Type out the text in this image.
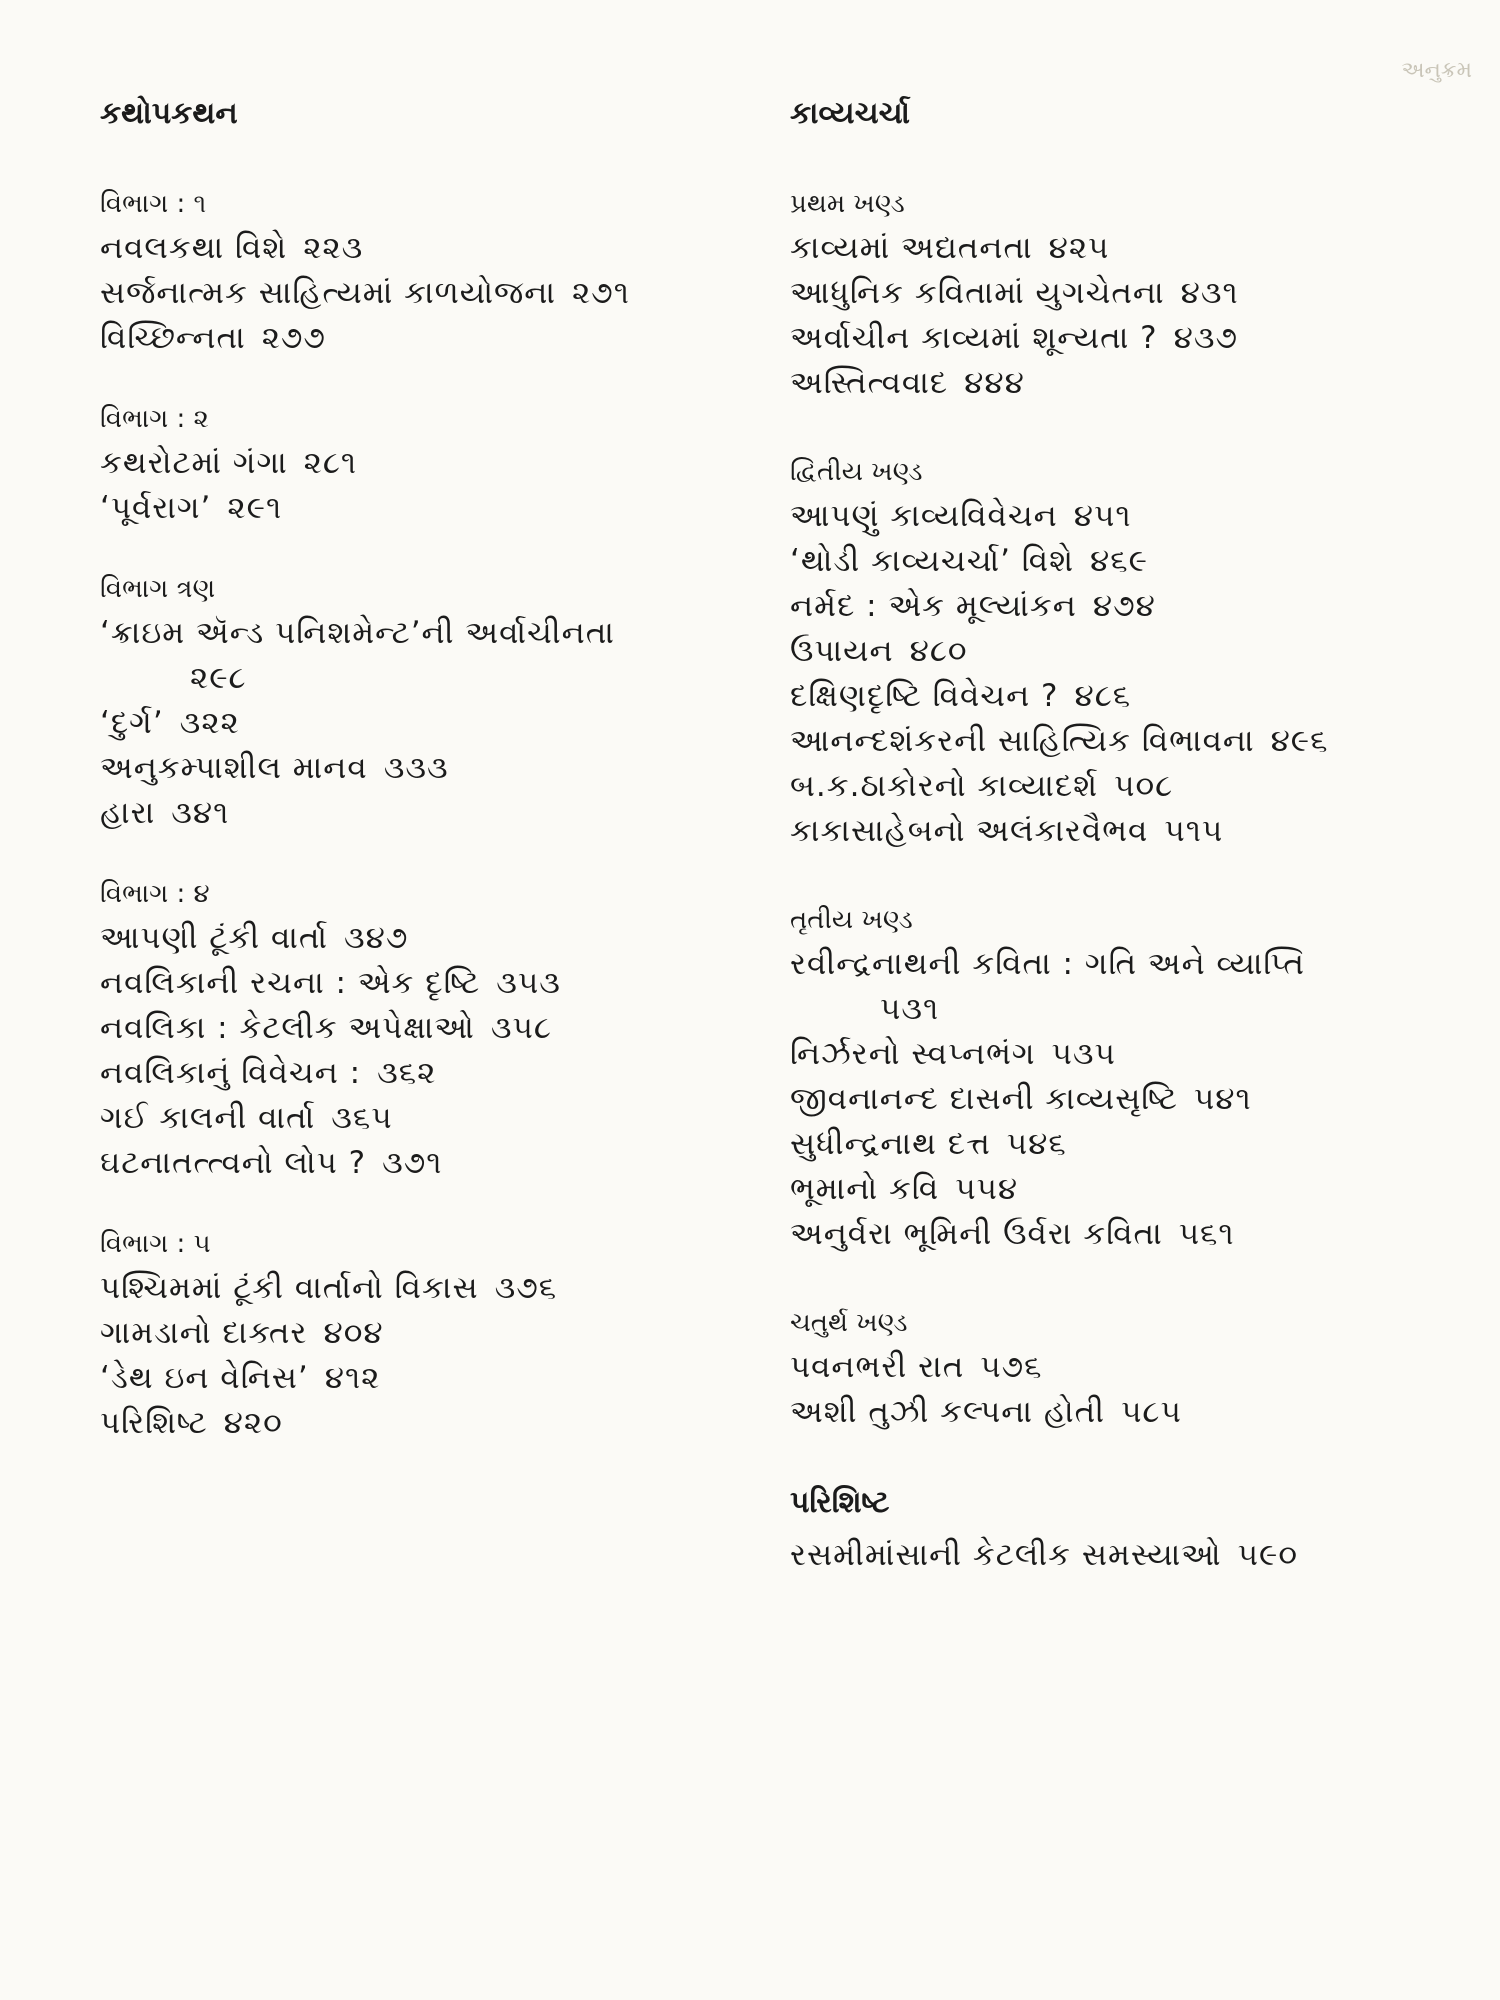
અનુક્રમ
કથોપકથન
વિભાગ : ૧
નવલકથા વિશે ૨૨૩
સર્જનાત્મક સાહિત્યમાં કાળયોજના ૨૭૧
વિચ્છિન્નતા ૨૭૭
વિભાગ : ૨
કથરોટમાં ગંગા ૨૮૧
‘પૂર્વરાગ’ ૨૯૧
વિભાગ ત્રણ
‘ક્રાઇમ ઍન્ડ પનિશમેન્ટ’ની અર્વાચીનતા
૨૯૮
‘દુર્ગ’ ૩૨૨
અનુકમ્પાશીલ માનવ ૩૩૩
હારા ૩૪૧
વિભાગ : ૪
આપણી ટૂંકી વાર્તા ૩૪૭
નવલિકાની રચના : એક દૃષ્ટિ ૩૫૩
નવલિકા : કેટલીક અપેક્ષાઓ ૩૫૮
નવલિકાનું વિવેચન : ૩૬૨
ગઈ કાલની વાર્તા ૩૬૫
ઘટનાતત્ત્વનો લોપ ? ૩૭૧
વિભાગ : ૫
પશ્ચિમમાં ટૂંકી વાર્તાનો વિકાસ ૩૭૬
ગામડાનો દાક્તર ૪૦૪
‘ડેથ ઇન વેનિસ’ ૪૧૨
પરિશિષ્ટ ૪૨૦
કાવ્યચર્ચા
પ્રથમ ખણ્ડ
કાવ્યમાં અદ્યતનતા ૪૨૫
આધુનિક કવિતામાં યુગચેતના ૪૩૧
અર્વાચીન કાવ્યમાં શૂન્યતા ? ૪૩૭
અસ્તિત્વવાદ ૪૪૪
દ્વિતીય ખણ્ડ
આપણું કાવ્યવિવેચન ૪૫૧
‘થોડી કાવ્યચર્ચા’ વિશે ૪૬૯
નર્મદ : એક મૂલ્યાંકન ૪૭૪
ઉપાયન ૪૮૦
દક્ષિણદૃષ્ટિ વિવેચન ? ૪૮૬
આનન્દશંકરની સાહિત્યિક વિભાવના ૪૯૬
બ.ક.ઠાકોરનો કાવ્યાદર્શ ૫૦૮
કાકાસાહેબનો અલંકારવૈભવ ૫૧૫
તૃતીય ખણ્ડ
રવીન્દ્રનાથની કવિતા : ગતિ અને વ્યાપ્તિ
૫૩૧
નિર્ઝરનો સ્વપ્નભંગ ૫૩૫
જીવનાનન્દ દાસની કાવ્યસૃષ્ટિ ૫૪૧
સુધીન્દ્રનાથ દત્ત ૫૪૬
ભૂમાનો કવિ ૫૫૪
અનુર્વરા ભૂમિની ઉર્વરા કવિતા ૫૬૧
ચતુર્થ ખણ્ડ
પવનભરી રાત ૫૭૬
અશી તુઝી કલ્પના હોતી ૫૮૫
પરિશિષ્ટ
રસમીમાંસાની કેટલીક સમસ્યાઓ ૫૯૦
